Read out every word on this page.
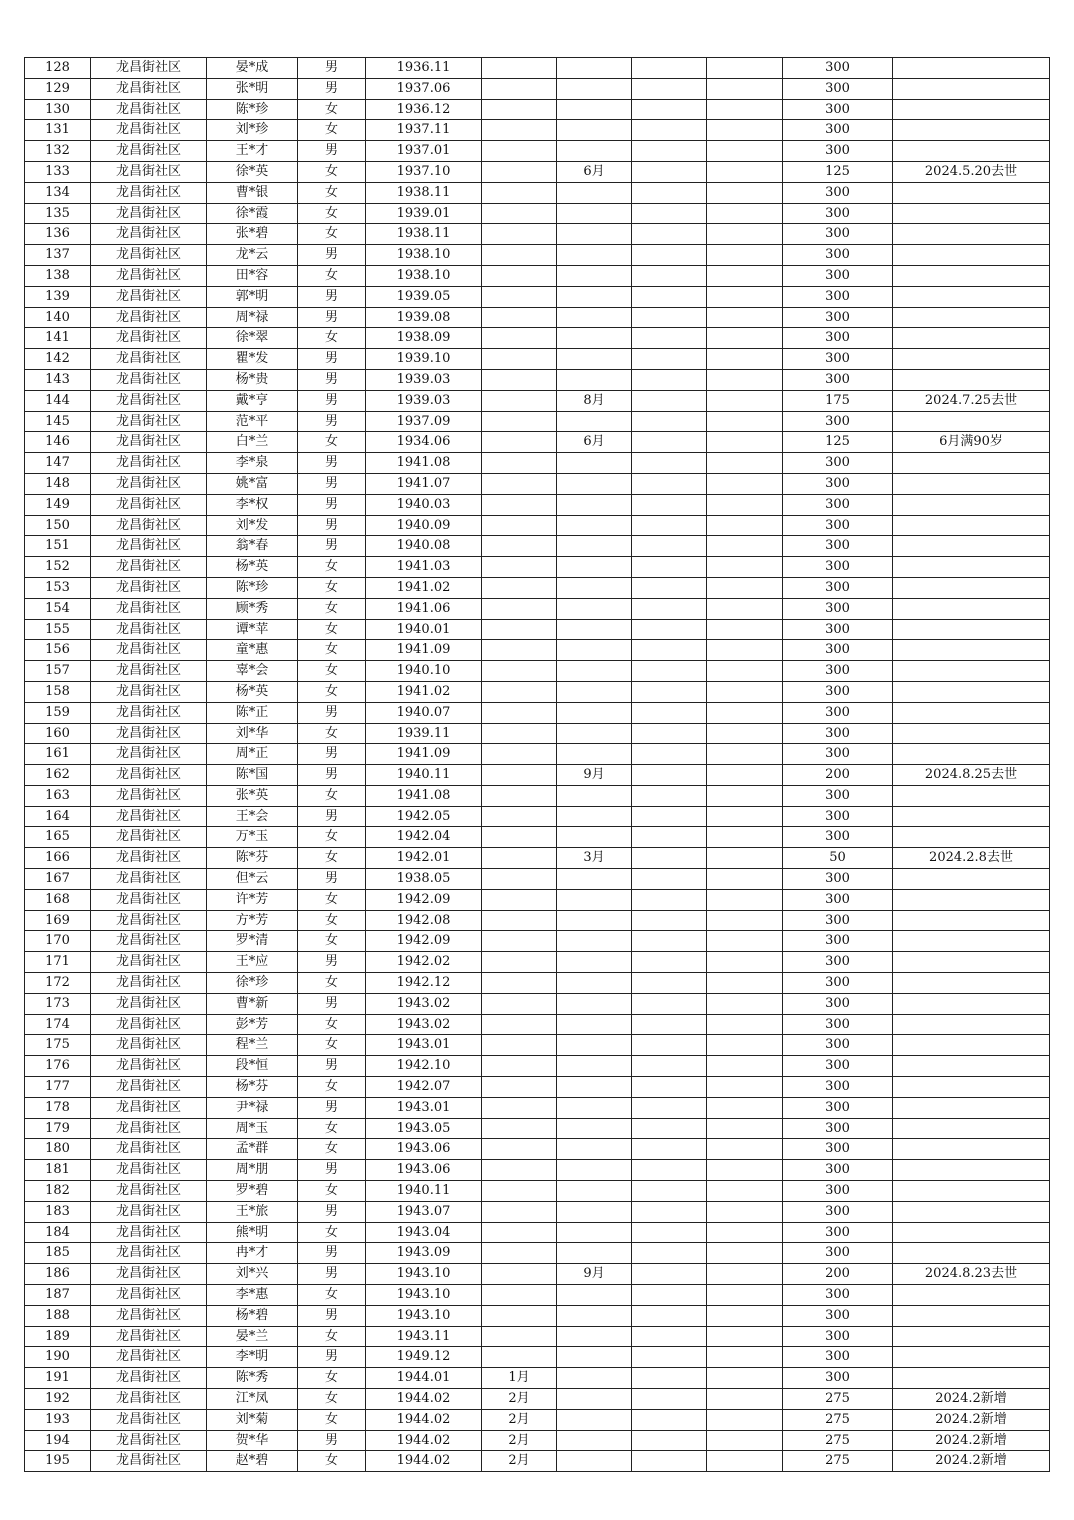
128	龙昌街社区	晏*成	男	1936.11					300	
129	龙昌街社区	张*明	男	1937.06					300	
130	龙昌街社区	陈*珍	女	1936.12					300	
131	龙昌街社区	刘*珍	女	1937.11					300	
132	龙昌街社区	王*才	男	1937.01					300	
133	龙昌街社区	徐*英	女	1937.10		6月			125	2024.5.20去世
134	龙昌街社区	曹*银	女	1938.11					300	
135	龙昌街社区	徐*霞	女	1939.01					300	
136	龙昌街社区	张*碧	女	1938.11					300	
137	龙昌街社区	龙*云	男	1938.10					300	
138	龙昌街社区	田*容	女	1938.10					300	
139	龙昌街社区	郭*明	男	1939.05					300	
140	龙昌街社区	周*禄	男	1939.08					300	
141	龙昌街社区	徐*翠	女	1938.09					300	
142	龙昌街社区	瞿*发	男	1939.10					300	
143	龙昌街社区	杨*贵	男	1939.03					300	
144	龙昌街社区	戴*亨	男	1939.03		8月			175	2024.7.25去世
145	龙昌街社区	范*平	男	1937.09					300	
146	龙昌街社区	白*兰	女	1934.06		6月			125	6月满90岁
147	龙昌街社区	李*泉	男	1941.08					300	
148	龙昌街社区	姚*富	男	1941.07					300	
149	龙昌街社区	李*权	男	1940.03					300	
150	龙昌街社区	刘*发	男	1940.09					300	
151	龙昌街社区	翁*春	男	1940.08					300	
152	龙昌街社区	杨*英	女	1941.03					300	
153	龙昌街社区	陈*珍	女	1941.02					300	
154	龙昌街社区	顾*秀	女	1941.06					300	
155	龙昌街社区	谭*苹	女	1940.01					300	
156	龙昌街社区	童*惠	女	1941.09					300	
157	龙昌街社区	辜*会	女	1940.10					300	
158	龙昌街社区	杨*英	女	1941.02					300	
159	龙昌街社区	陈*正	男	1940.07					300	
160	龙昌街社区	刘*华	女	1939.11					300	
161	龙昌街社区	周*正	男	1941.09					300	
162	龙昌街社区	陈*国	男	1940.11		9月			200	2024.8.25去世
163	龙昌街社区	张*英	女	1941.08					300	
164	龙昌街社区	王*会	男	1942.05					300	
165	龙昌街社区	万*玉	女	1942.04					300	
166	龙昌街社区	陈*芬	女	1942.01		3月			50	2024.2.8去世
167	龙昌街社区	但*云	男	1938.05					300	
168	龙昌街社区	许*芳	女	1942.09					300	
169	龙昌街社区	方*芳	女	1942.08					300	
170	龙昌街社区	罗*清	女	1942.09					300	
171	龙昌街社区	王*应	男	1942.02					300	
172	龙昌街社区	徐*珍	女	1942.12					300	
173	龙昌街社区	曹*新	男	1943.02					300	
174	龙昌街社区	彭*芳	女	1943.02					300	
175	龙昌街社区	程*兰	女	1943.01					300	
176	龙昌街社区	段*恒	男	1942.10					300	
177	龙昌街社区	杨*芬	女	1942.07					300	
178	龙昌街社区	尹*禄	男	1943.01					300	
179	龙昌街社区	周*玉	女	1943.05					300	
180	龙昌街社区	孟*群	女	1943.06					300	
181	龙昌街社区	周*朋	男	1943.06					300	
182	龙昌街社区	罗*碧	女	1940.11					300	
183	龙昌街社区	王*旅	男	1943.07					300	
184	龙昌街社区	熊*明	女	1943.04					300	
185	龙昌街社区	冉*才	男	1943.09					300	
186	龙昌街社区	刘*兴	男	1943.10		9月			200	2024.8.23去世
187	龙昌街社区	李*惠	女	1943.10					300	
188	龙昌街社区	杨*碧	男	1943.10					300	
189	龙昌街社区	晏*兰	女	1943.11					300	
190	龙昌街社区	李*明	男	1949.12					300	
191	龙昌街社区	陈*秀	女	1944.01	1月				300	
192	龙昌街社区	江*凤	女	1944.02	2月				275	2024.2新增
193	龙昌街社区	刘*菊	女	1944.02	2月				275	2024.2新增
194	龙昌街社区	贺*华	男	1944.02	2月				275	2024.2新增
195	龙昌街社区	赵*碧	女	1944.02	2月				275	2024.2新增
